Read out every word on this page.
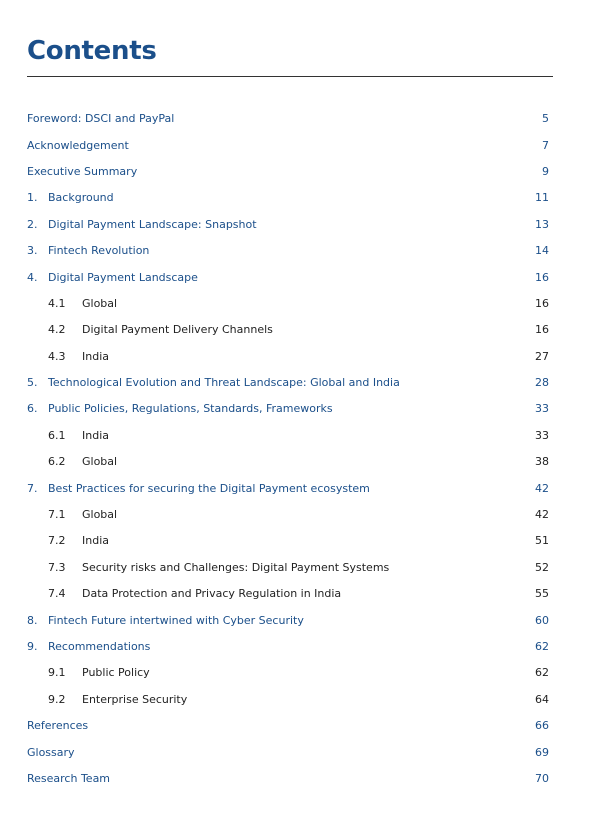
Contents
Foreword: DSCI and PayPal	5
Acknowledgement	7
Executive Summary	9
1. Background	11
2. Digital Payment Landscape: Snapshot	13
3. Fintech Revolution	14
4. Digital Payment Landscape	16
4.1 Global	16
4.2 Digital Payment Delivery Channels	16
4.3 India	27
5. Technological Evolution and Threat Landscape: Global and India	28
6. Public Policies, Regulations, Standards, Frameworks	33
6.1 India	33
6.2 Global	38
7. Best Practices for securing the Digital Payment ecosystem	42
7.1 Global	42
7.2 India	51
7.3 Security risks and Challenges: Digital Payment Systems	52
7.4 Data Protection and Privacy Regulation in India	55
8. Fintech Future intertwined with Cyber Security	60
9. Recommendations	62
9.1 Public Policy	62
9.2 Enterprise Security	64
References	66
Glossary	69
Research Team	70
